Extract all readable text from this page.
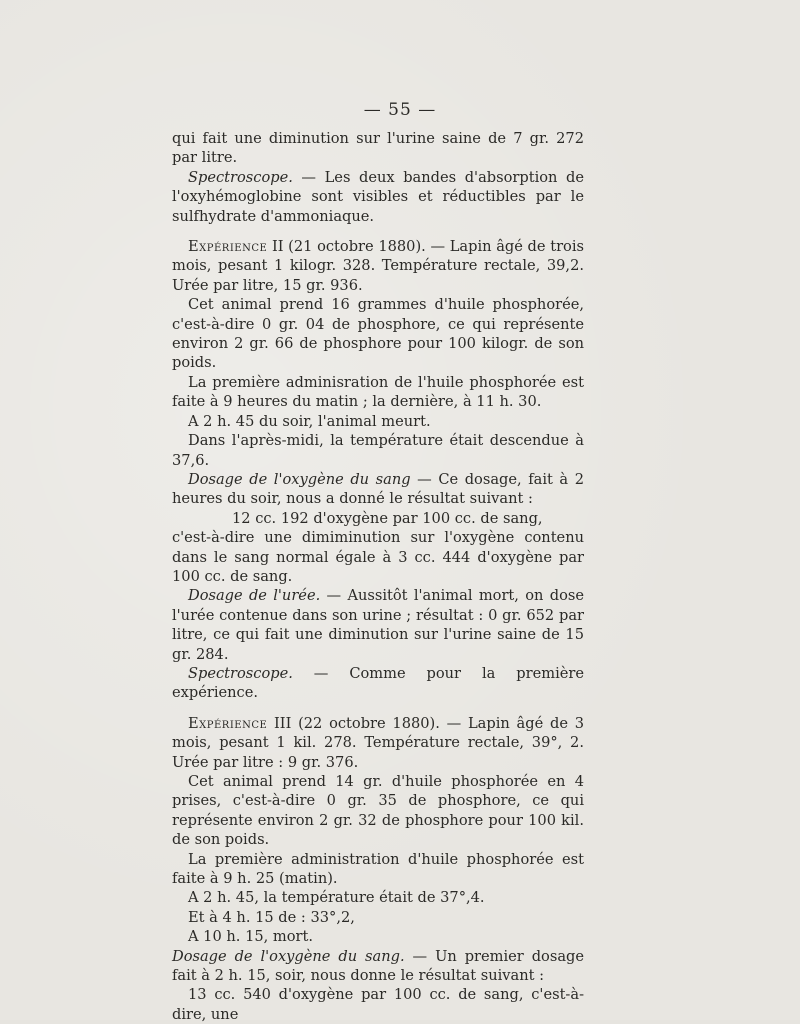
— 55 —

qui fait une diminution sur l'urine saine de 7 gr. 272 par litre.

Spectroscope. — Les deux bandes d'absorption de l'oxyhémoglobine sont visibles et réductibles par le sulfhydrate d'ammoniaque.

Expérience II (21 octobre 1880). — Lapin âgé de trois mois, pesant 1 kilogr. 328. Température rectale, 39,2. Urée par litre, 15 gr. 936.

Cet animal prend 16 grammes d'huile phosphorée, c'est-à-dire 0 gr. 04 de phosphore, ce qui représente environ 2 gr. 66 de phosphore pour 100 kilogr. de son poids.

La première adminisration de l'huile phosphorée est faite à 9 heures du matin ; la dernière, à 11 h. 30.

A 2 h. 45 du soir, l'animal meurt.

Dans l'après-midi, la température était descendue à 37,6.

Dosage de l'oxygène du sang — Ce dosage, fait à 2 heures du soir, nous a donné le résultat suivant :

12 cc. 192 d'oxygène par 100 cc. de sang,

c'est-à-dire une dimiminution sur l'oxygène contenu dans le sang normal égale à 3 cc. 444 d'oxygène par 100 cc. de sang.

Dosage de l'urée. — Aussitôt l'animal mort, on dose l'urée contenue dans son urine ; résultat : 0 gr. 652 par litre, ce qui fait une diminution sur l'urine saine de 15 gr. 284.

Spectroscope. — Comme pour la première expérience.

Expérience III (22 octobre 1880). — Lapin âgé de 3 mois, pesant 1 kil. 278. Température rectale, 39°, 2. Urée par litre : 9 gr. 376.

Cet animal prend 14 gr. d'huile phosphorée en 4 prises, c'est-à-dire 0 gr. 35 de phosphore, ce qui représente environ 2 gr. 32 de phosphore pour 100 kil. de son poids.

La première administration d'huile phosphorée est faite à 9 h. 25 (matin).

A 2 h. 45, la température était de 37°,4.

Et à 4 h. 15 de : 33°,2,

A 10 h. 15, mort.

Dosage de l'oxygène du sang. — Un premier dosage fait à 2 h. 15, soir, nous donne le résultat suivant :

13 cc. 540 d'oxygène par 100 cc. de sang, c'est-à-dire, une
